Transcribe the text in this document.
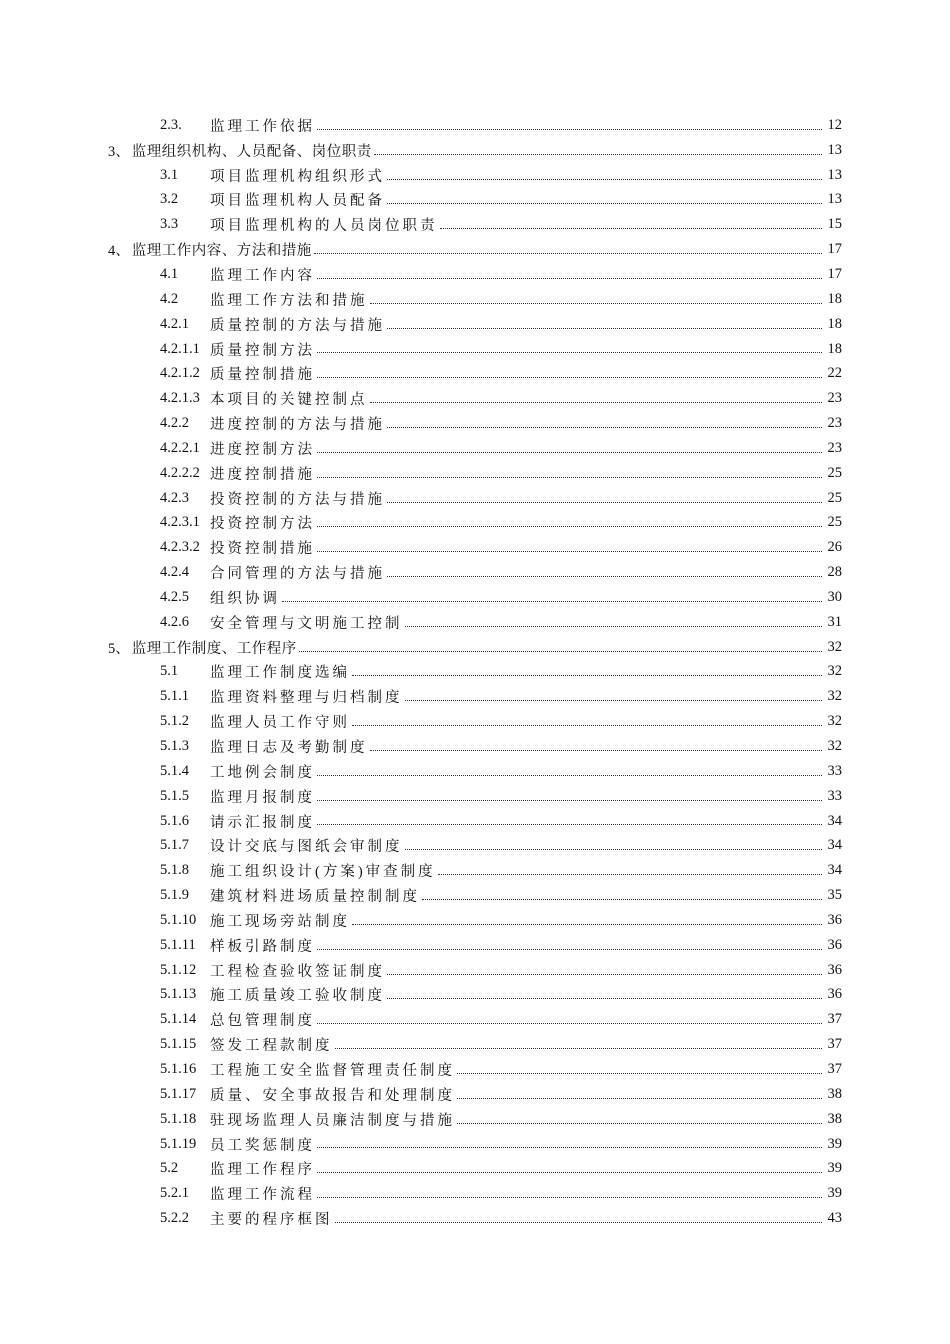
2.3.	监理工作依据	12
3、 监理组织机构、人员配备、岗位职责	13
3.1	项目监理机构组织形式	13
3.2	项目监理机构人员配备	13
3.3	项目监理机构的人员岗位职责	15
4、 监理工作内容、方法和措施	17
4.1	监理工作内容	17
4.2	监理工作方法和措施	18
4.2.1	质量控制的方法与措施	18
4.2.1.1 质量控制方法	18
4.2.1.2 质量控制措施	22
4.2.1.3 本项目的关键控制点	23
4.2.2	进度控制的方法与措施	23
4.2.2.1 进度控制方法	23
4.2.2.2 进度控制措施	25
4.2.3	投资控制的方法与措施	25
4.2.3.1 投资控制方法	25
4.2.3.2 投资控制措施	26
4.2.4	合同管理的方法与措施	28
4.2.5	组织协调	30
4.2.6	安全管理与文明施工控制	31
5、 监理工作制度、工作程序	32
5.1	监理工作制度选编	32
5.1.1	监理资料整理与归档制度	32
5.1.2	监理人员工作守则	32
5.1.3	监理日志及考勤制度	32
5.1.4	工地例会制度	33
5.1.5	监理月报制度	33
5.1.6	请示汇报制度	34
5.1.7	设计交底与图纸会审制度	34
5.1.8	施工组织设计(方案)审查制度	34
5.1.9	建筑材料进场质量控制制度	35
5.1.10 施工现场旁站制度	36
5.1.11 样板引路制度	36
5.1.12 工程检查验收签证制度	36
5.1.13 施工质量竣工验收制度	36
5.1.14 总包管理制度	37
5.1.15 签发工程款制度	37
5.1.16 工程施工安全监督管理责任制度	37
5.1.17 质量、安全事故报告和处理制度	38
5.1.18 驻现场监理人员廉洁制度与措施	38
5.1.19 员工奖惩制度	39
5.2	监理工作程序	39
5.2.1	监理工作流程	39
5.2.2	主要的程序框图	43
